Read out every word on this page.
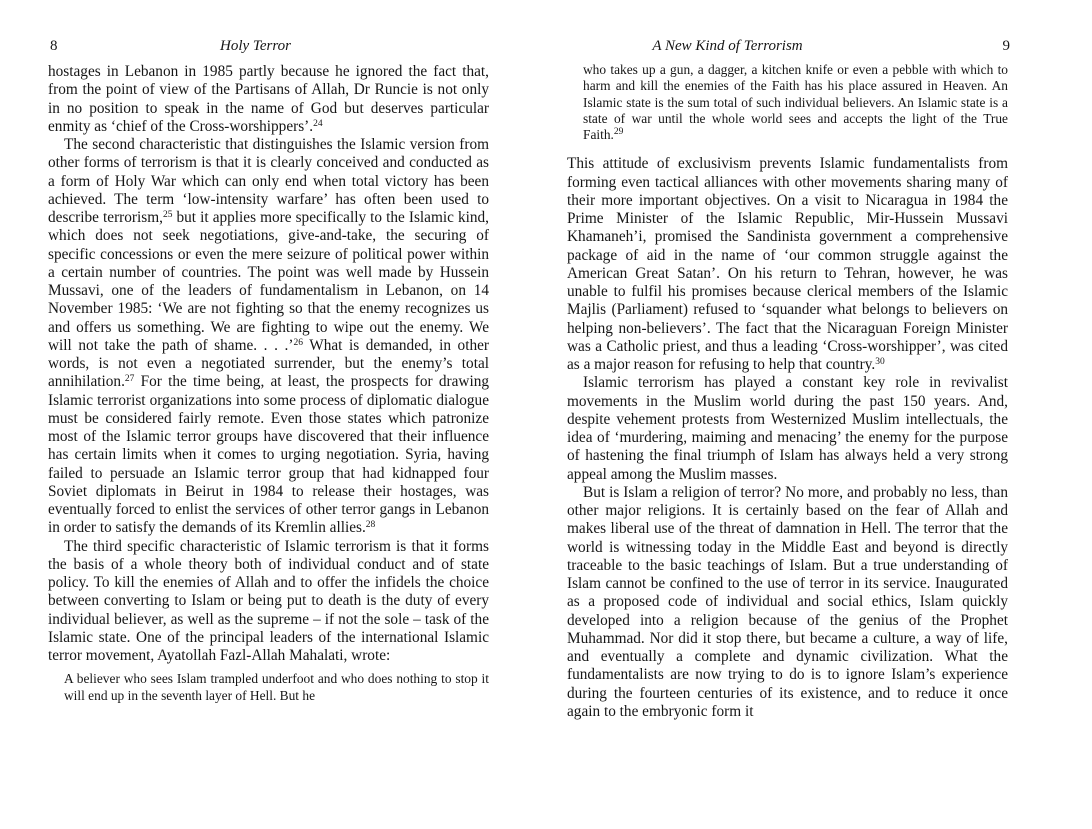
8	Holy Terror

hostages in Lebanon in 1985 partly because he ignored the fact that, from the point of view of the Partisans of Allah, Dr Runcie is not only in no position to speak in the name of God but deserves particular enmity as ‘chief of the Cross-worshippers’.$^{24}$

The second characteristic that distinguishes the Islamic version from other forms of terrorism is that it is clearly conceived and conducted as a form of Holy War which can only end when total victory has been achieved. The term ‘low-intensity warfare’ has often been used to describe terrorism,$^{25}$ but it applies more specifically to the Islamic kind, which does not seek negotiations, give-and-take, the securing of specific concessions or even the mere seizure of political power within a certain number of countries. The point was well made by Hussein Mussavi, one of the leaders of fundamentalism in Lebanon, on 14 November 1985: ‘We are not fighting so that the enemy recognizes us and offers us something. We are fighting to wipe out the enemy. We will not take the path of shame. . . .’$^{26}$ What is demanded, in other words, is not even a negotiated surrender, but the enemy’s total annihilation.$^{27}$ For the time being, at least, the prospects for drawing Islamic terrorist organizations into some process of diplomatic dialogue must be considered fairly remote. Even those states which patronize most of the Islamic terror groups have discovered that their influence has certain limits when it comes to urging negotiation. Syria, having failed to persuade an Islamic terror group that had kidnapped four Soviet diplomats in Beirut in 1984 to release their hostages, was eventually forced to enlist the services of other terror gangs in Lebanon in order to satisfy the demands of its Kremlin allies.$^{28}$

The third specific characteristic of Islamic terrorism is that it forms the basis of a whole theory both of individual conduct and of state policy. To kill the enemies of Allah and to offer the infidels the choice between converting to Islam or being put to death is the duty of every individual believer, as well as the supreme – if not the sole – task of the Islamic state. One of the principal leaders of the international Islamic terror movement, Ayatollah Fazl-Allah Mahalati, wrote:

A believer who sees Islam trampled underfoot and who does nothing to stop it will end up in the seventh layer of Hell. But he
A New Kind of Terrorism	9
who takes up a gun, a dagger, a kitchen knife or even a pebble with which to harm and kill the enemies of the Faith has his place assured in Heaven. An Islamic state is the sum total of such individual believers. An Islamic state is a state of war until the whole world sees and accepts the light of the True Faith.$^{29}$

This attitude of exclusivism prevents Islamic fundamentalists from forming even tactical alliances with other movements sharing many of their more important objectives. On a visit to Nicaragua in 1984 the Prime Minister of the Islamic Republic, Mir-Hussein Mussavi Khamaneh’i, promised the Sandinista government a comprehensive package of aid in the name of ‘our common struggle against the American Great Satan’. On his return to Tehran, however, he was unable to fulfil his promises because clerical members of the Islamic Majlis (Parliament) refused to ‘squander what belongs to believers on helping non-believers’. The fact that the Nicaraguan Foreign Minister was a Catholic priest, and thus a leading ‘Cross-worshipper’, was cited as a major reason for refusing to help that country.$^{30}$

Islamic terrorism has played a constant key role in revivalist movements in the Muslim world during the past 150 years. And, despite vehement protests from Westernized Muslim intellectuals, the idea of ‘murdering, maiming and menacing’ the enemy for the purpose of hastening the final triumph of Islam has always held a very strong appeal among the Muslim masses.

But is Islam a religion of terror? No more, and probably no less, than other major religions. It is certainly based on the fear of Allah and makes liberal use of the threat of damnation in Hell. The terror that the world is witnessing today in the Middle East and beyond is directly traceable to the basic teachings of Islam. But a true understanding of Islam cannot be confined to the use of terror in its service. Inaugurated as a proposed code of individual and social ethics, Islam quickly developed into a religion because of the genius of the Prophet Muhammad. Nor did it stop there, but became a culture, a way of life, and eventually a complete and dynamic civilization. What the fundamentalists are now trying to do is to ignore Islam’s experience during the fourteen centuries of its existence, and to reduce it once again to the embryonic form it
